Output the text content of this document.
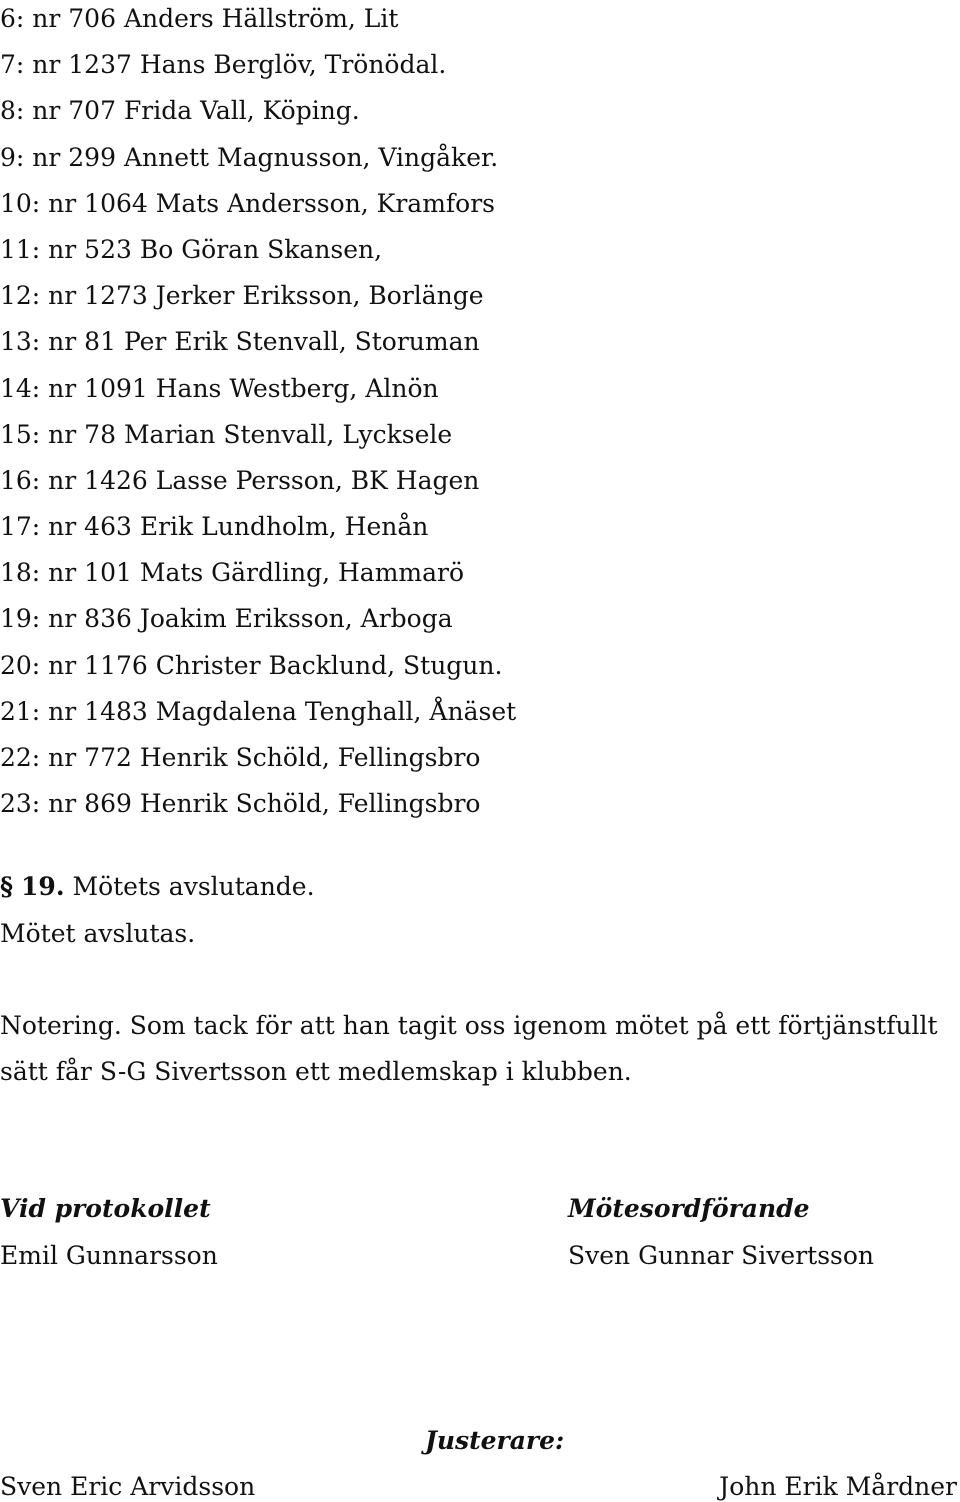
6: nr 706 Anders Hällström, Lit
7: nr 1237 Hans Berglöv, Trönödal.
8: nr 707 Frida Vall, Köping.
9: nr 299 Annett Magnusson, Vingåker.
10: nr 1064 Mats Andersson, Kramfors
11: nr 523 Bo Göran Skansen,
12: nr 1273 Jerker Eriksson, Borlänge
13: nr 81 Per Erik Stenvall, Storuman
14: nr 1091 Hans Westberg, Alnön
15: nr 78 Marian Stenvall, Lycksele
16: nr 1426 Lasse Persson, BK Hagen
17: nr 463 Erik Lundholm, Henån
18: nr 101 Mats Gärdling, Hammarö
19: nr 836 Joakim Eriksson, Arboga
20: nr 1176 Christer Backlund, Stugun.
21: nr 1483 Magdalena Tenghall, Ånäset
22: nr 772 Henrik Schöld, Fellingsbro
23: nr 869 Henrik Schöld, Fellingsbro
§ 19. Mötets avslutande.
Mötet avslutas.
Notering. Som tack för att han tagit oss igenom mötet på ett förtjänstfullt
sätt får S-G Sivertsson ett medlemskap i klubben.
Vid protokollet	Mötesordförande
Emil Gunnarsson	Sven Gunnar Sivertsson
Justerare:
Sven Eric Arvidsson	John Erik Mårdner
